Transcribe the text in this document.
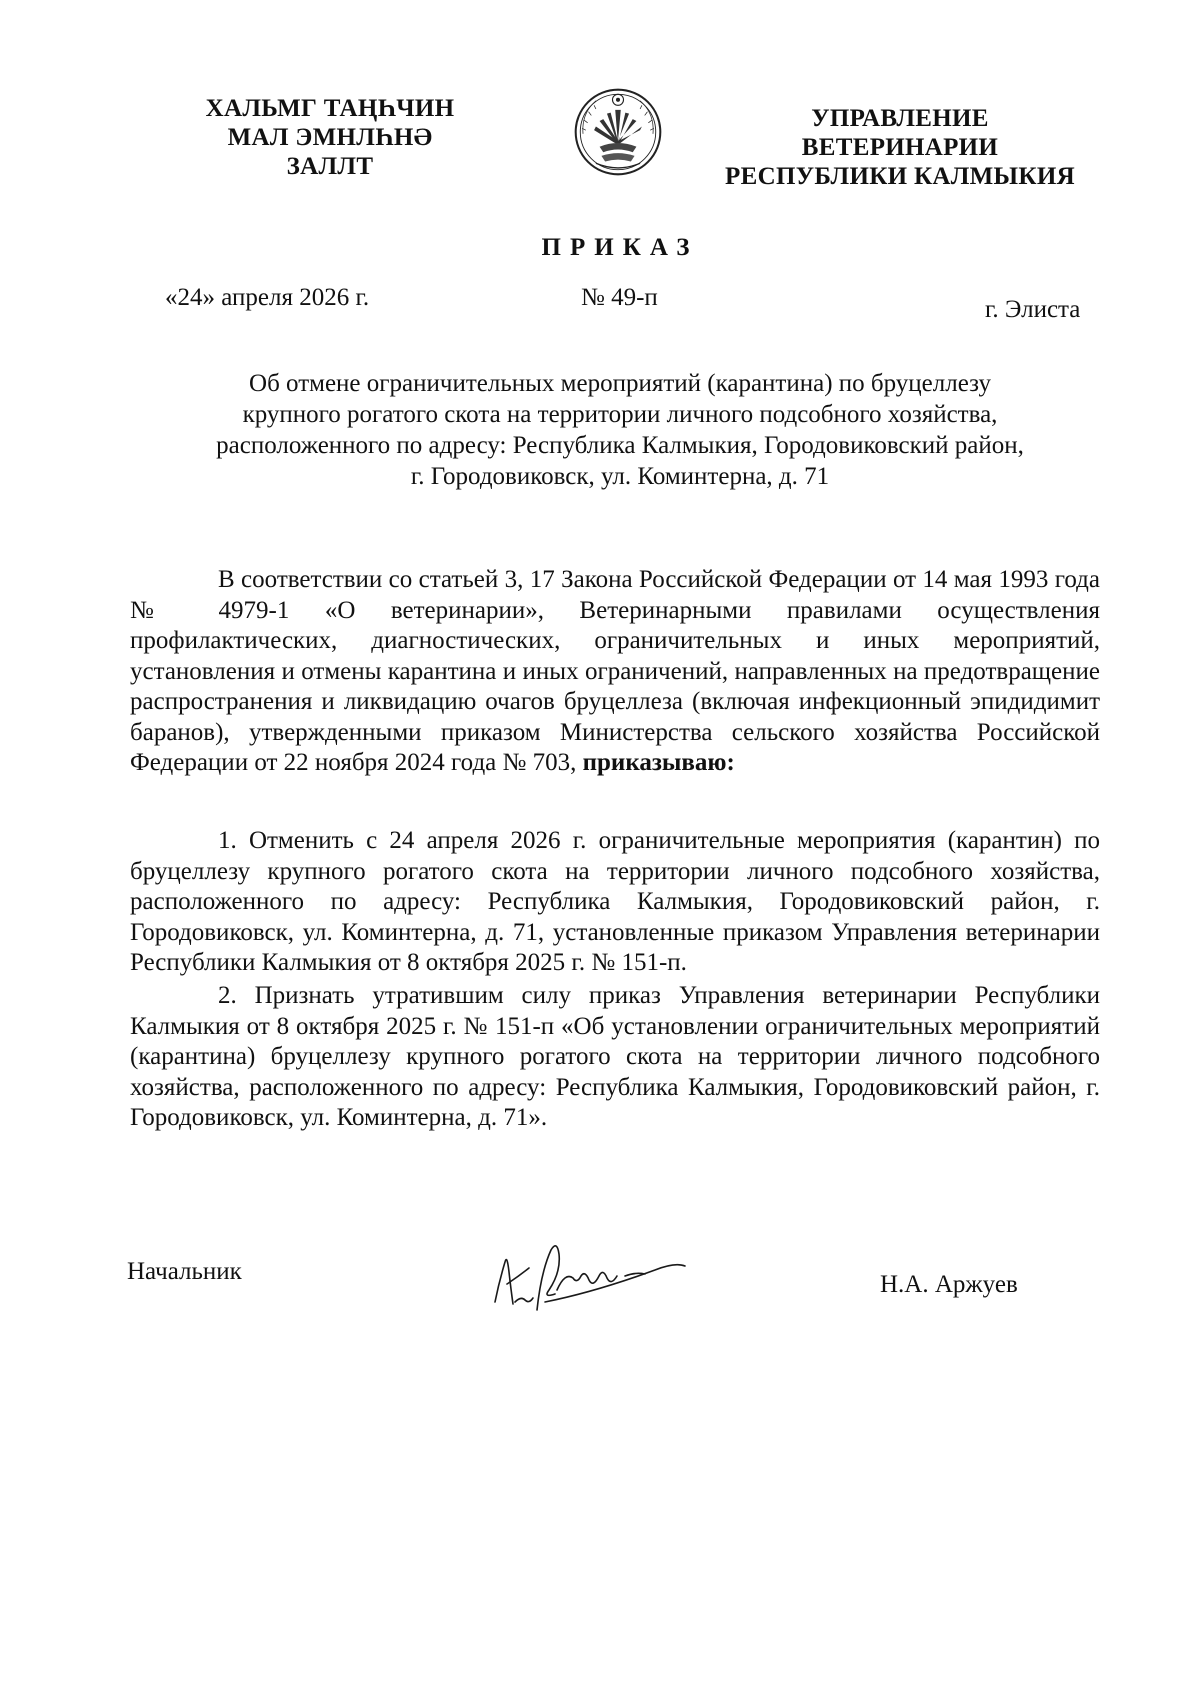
ХАЛЬМГ ТАҢҺЧИН
МАЛ ЭМНЛҺНӘ
ЗАЛЛТ
УПРАВЛЕНИЕ
ВЕТЕРИНАРИИ
РЕСПУБЛИКИ КАЛМЫКИЯ
ПРИКАЗ
«24» апреля 2026 г.	№ 49-п	г. Элиста
Об отмене ограничительных мероприятий (карантина) по бруцеллезу
крупного рогатого скота на территории личного подсобного хозяйства,
расположенного по адресу: Республика Калмыкия, Городовиковский район,
г. Городовиковск, ул. Коминтерна, д. 71

В соответствии со статьей 3, 17 Закона Российской Федерации от 14 мая 1993 года № 4979-1 «О ветеринарии», Ветеринарными правилами осуществления профилактических, диагностических, ограничительных и иных мероприятий, установления и отмены карантина и иных ограничений, направленных на предотвращение распространения и ликвидацию очагов бруцеллеза (включая инфекционный эпидидимит баранов), утвержденными приказом Министерства сельского хозяйства Российской Федерации от 22 ноября 2024 года № 703, приказываю:

1. Отменить с 24 апреля 2026 г. ограничительные мероприятия (карантин) по бруцеллезу крупного рогатого скота на территории личного подсобного хозяйства, расположенного по адресу: Республика Калмыкия, Городовиковский район, г. Городовиковск, ул. Коминтерна, д. 71, установленные приказом Управления ветеринарии Республики Калмыкия от 8 октября 2025 г. № 151-п.

2. Признать утратившим силу приказ Управления ветеринарии Республики Калмыкия от 8 октября 2025 г. № 151-п «Об установлении ограничительных мероприятий (карантина) бруцеллезу крупного рогатого скота на территории личного подсобного хозяйства, расположенного по адресу: Республика Калмыкия, Городовиковский район, г. Городовиковск, ул. Коминтерна, д. 71».

Начальник	Н.А. Аржуев
